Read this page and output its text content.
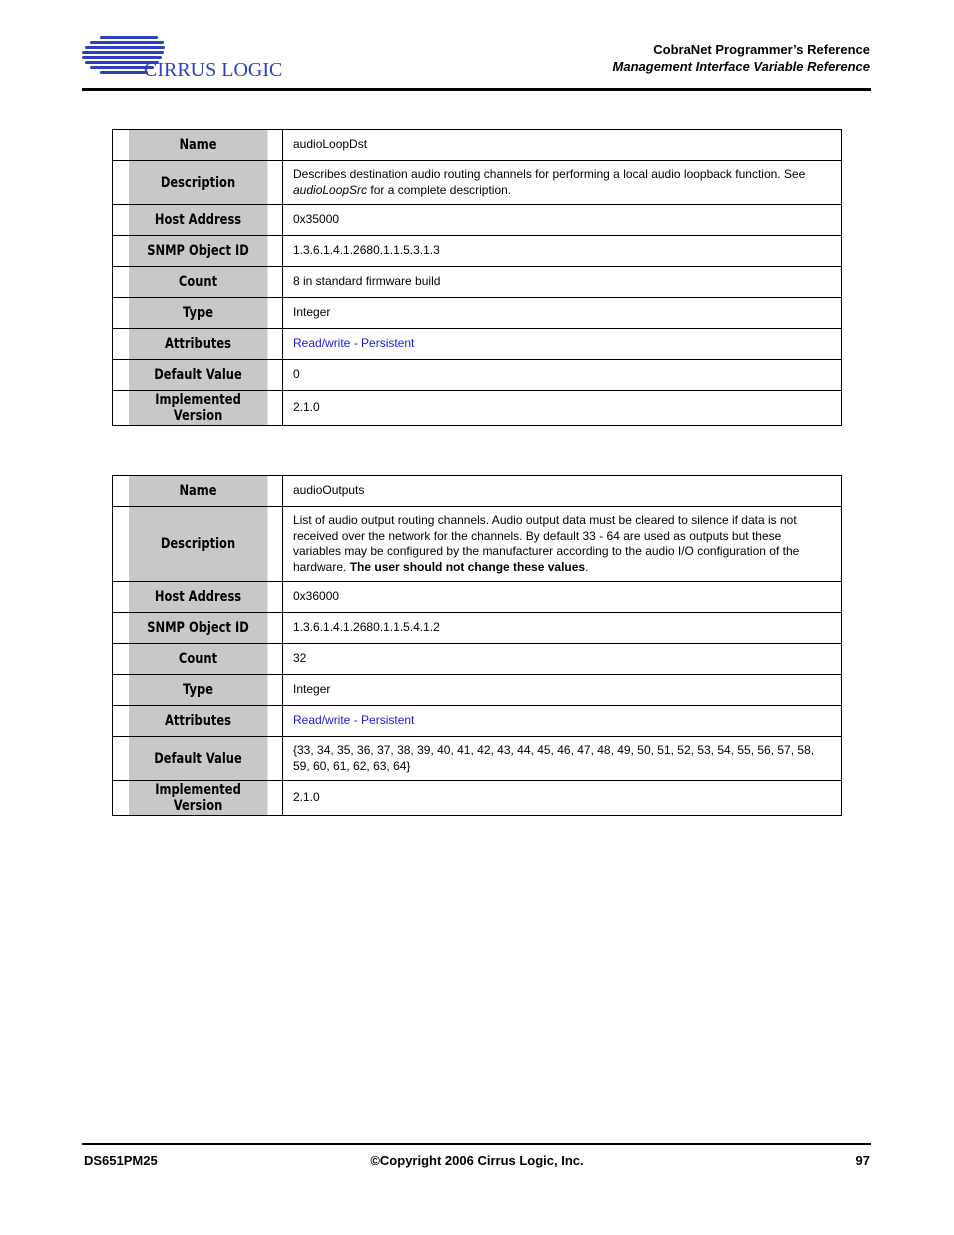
CIRRUS LOGIC
CobraNet Programmer’s Reference
Management Interface Variable Reference
Name	audioLoopDst
Description	Describes destination audio routing channels for performing a local audio loopback function. See audioLoopSrc for a complete description.
Host Address	0x35000
SNMP Object ID	1.3.6.1.4.1.2680.1.1.5.3.1.3
Count	8 in standard firmware build
Type	Integer
Attributes	Read/write - Persistent
Default Value	0
Implemented Version	2.1.0
Name	audioOutputs
Description	List of audio output routing channels. Audio output data must be cleared to silence if data is not received over the network for the channels. By default 33 - 64 are used as outputs but these variables may be configured by the manufacturer according to the audio I/O configuration of the hardware. The user should not change these values.
Host Address	0x36000
SNMP Object ID	1.3.6.1.4.1.2680.1.1.5.4.1.2
Count	32
Type	Integer
Attributes	Read/write - Persistent
Default Value	{33, 34, 35, 36, 37, 38, 39, 40, 41, 42, 43, 44, 45, 46, 47, 48, 49, 50, 51, 52, 53, 54, 55, 56, 57, 58, 59, 60, 61, 62, 63, 64}
Implemented Version	2.1.0
DS651PM25	©Copyright 2006 Cirrus Logic, Inc.	97
